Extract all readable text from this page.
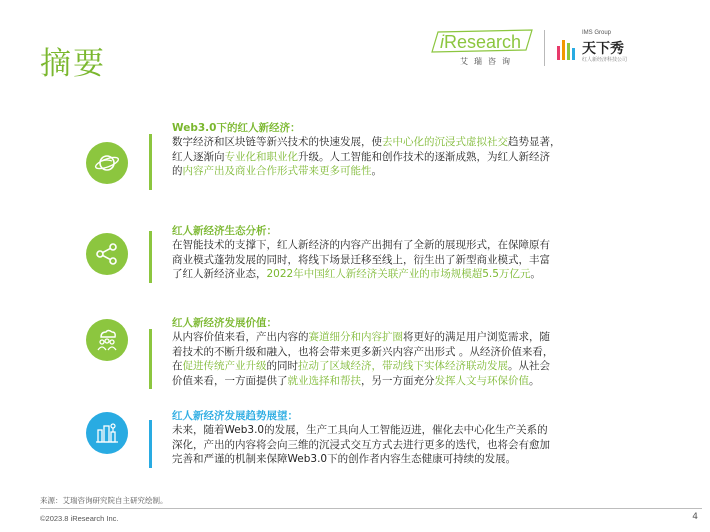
摘要
iResearch
艾瑞咨询
IMS Group
天下秀
红人新经济科技公司
Web3.0下的红人新经济：
数字经济和区块链等新兴技术的快速发展，使去中心化的沉浸式虚拟社交趋势显著，
红人逐渐向专业化和职业化升级。人工智能和创作技术的逐渐成熟，为红人新经济
的内容产出及商业合作形式带来更多可能性。
红人新经济生态分析：
在智能技术的支撑下，红人新经济的内容产出拥有了全新的展现形式，在保障原有
商业模式蓬勃发展的同时，将线下场景迁移至线上，衍生出了新型商业模式，丰富
了红人新经济业态，2022年中国红人新经济关联产业的市场规模超5.5万亿元。
红人新经济发展价值：
从内容价值来看，产出内容的赛道细分和内容扩圈将更好的满足用户浏览需求，随
着技术的不断升级和融入，也将会带来更多新兴内容产出形式 。从经济价值来看，
在促进传统产业升级的同时拉动了区域经济，带动线下实体经济联动发展。从社会
价值来看，一方面提供了就业选择和帮扶，另一方面充分发挥人文与环保价值。
红人新经济发展趋势展望：
未来，随着Web3.0的发展，生产工具向人工智能迈进，催化去中心化生产关系的
深化，产出的内容将会向三维的沉浸式交互方式去进行更多的迭代，也将会有愈加
完善和严谨的机制来保障Web3.0下的创作者内容生态健康可持续的发展。
来源：艾瑞咨询研究院自主研究绘制。
©2023.8 iResearch Inc.	4
